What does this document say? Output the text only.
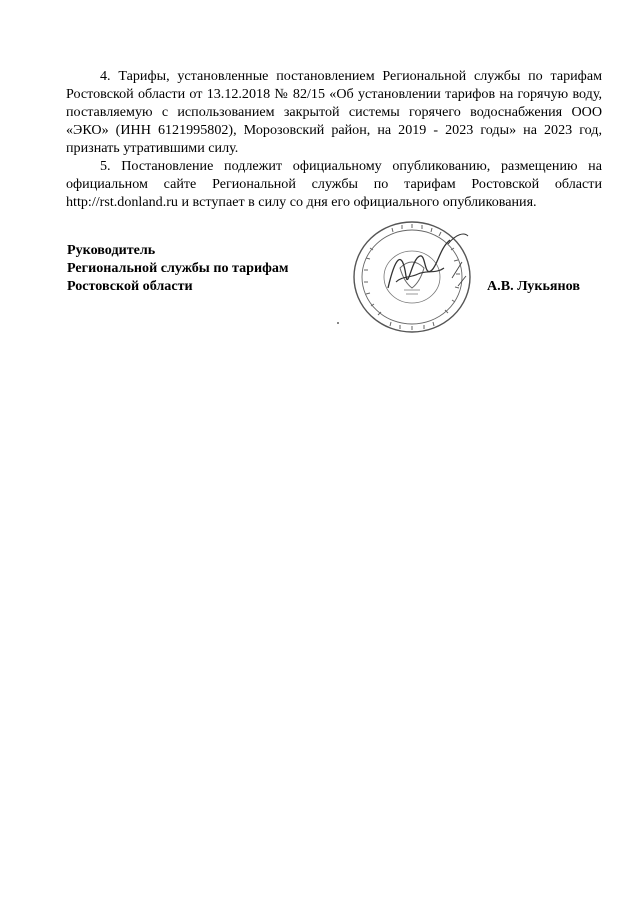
4. Тарифы, установленные постановлением Региональной службы по тарифам Ростовской области от 13.12.2018 № 82/15 «Об установлении тарифов на горячую воду, поставляемую с использованием закрытой системы горячего водоснабжения ООО «ЭКО» (ИНН 6121995802), Морозовский район, на 2019 - 2023 годы» на 2023 год, признать утратившими силу.

5. Постановление подлежит официальному опубликованию, размещению на официальном сайте Региональной службы по тарифам Ростовской области http://rst.donland.ru и вступает в силу со дня его официального опубликования.

Руководитель
Региональной службы по тарифам
Ростовской области	А.В. Лукьянов
